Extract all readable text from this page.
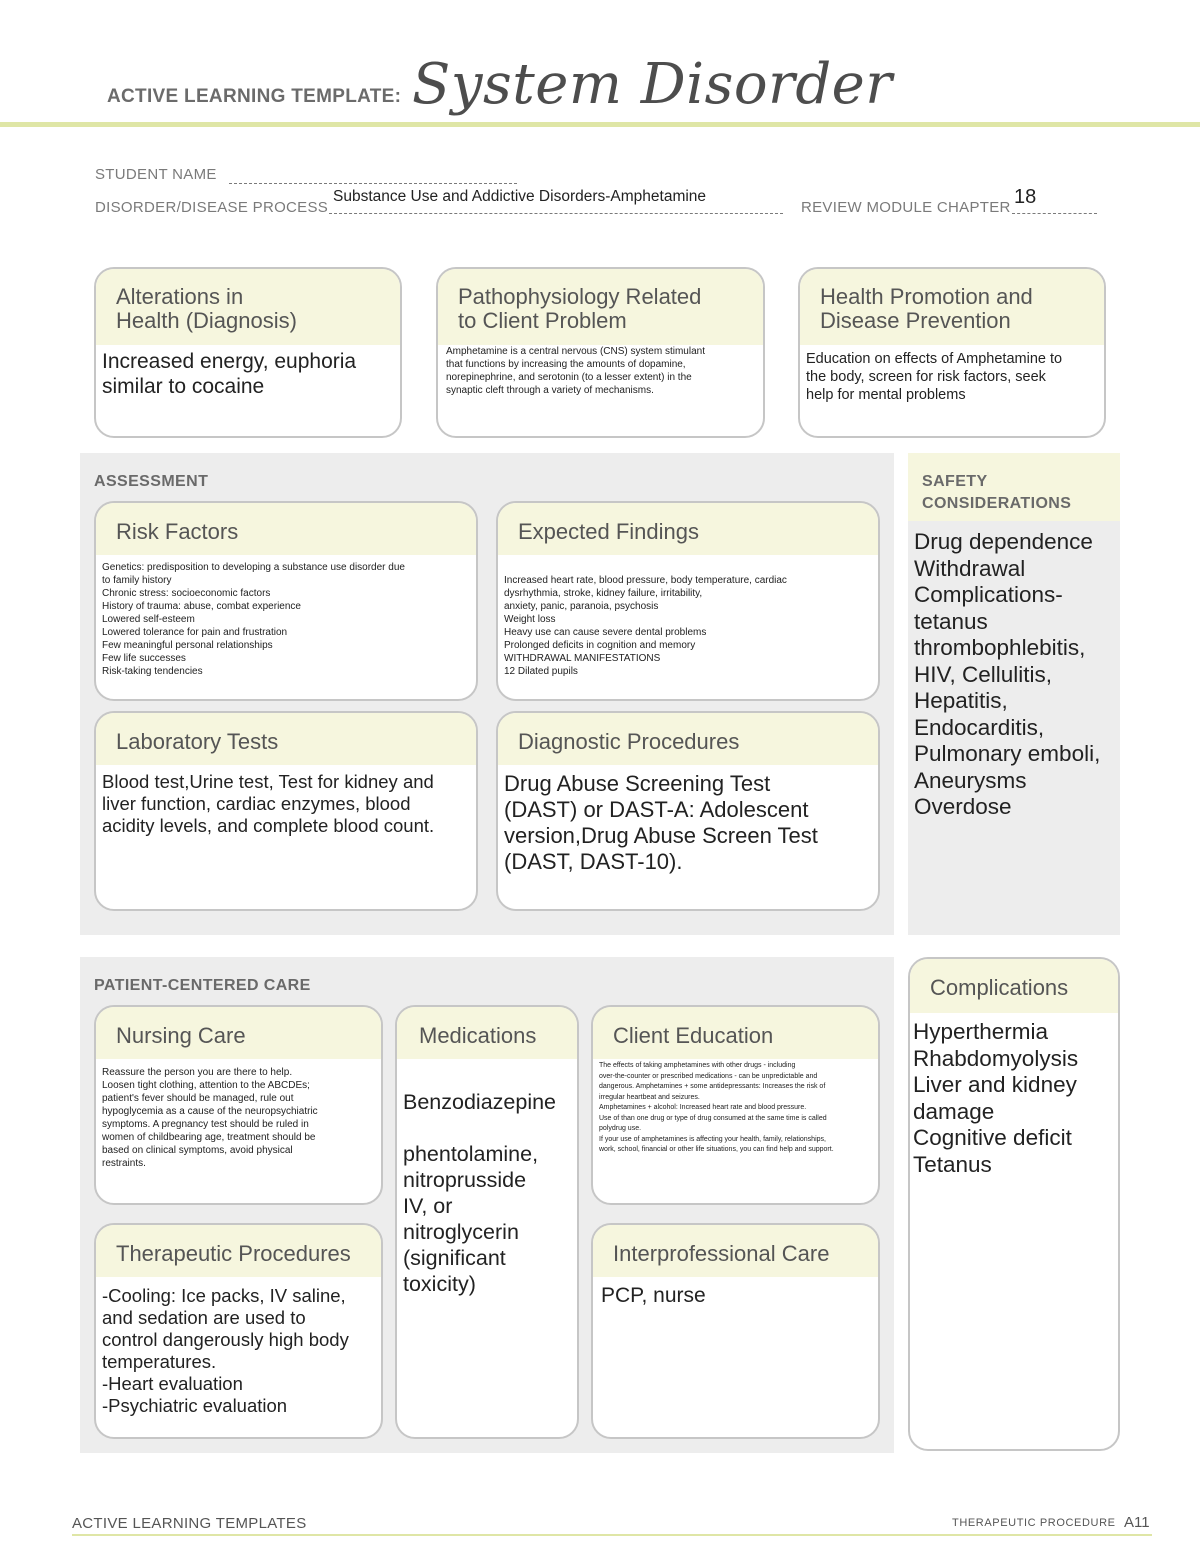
ACTIVE LEARNING TEMPLATE: System Disorder
STUDENT NAME
DISORDER/DISEASE PROCESS
Substance Use and Addictive Disorders-Amphetamine
REVIEW MODULE CHAPTER 18
Alterations in
Health (Diagnosis)
Increased energy, euphoria
similar to cocaine
Pathophysiology Related
to Client Problem
Amphetamine is a central nervous (CNS) system stimulant
that functions by increasing the amounts of dopamine,
norepinephrine, and serotonin (to a lesser extent) in the
synaptic cleft through a variety of mechanisms.
Health Promotion and
Disease Prevention
Education on effects of Amphetamine to
the body, screen for risk factors, seek
help for mental problems
ASSESSMENT
Risk Factors
Genetics: predisposition to developing a substance use disorder due
to family history
Chronic stress: socioeconomic factors
History of trauma: abuse, combat experience
Lowered self-esteem
Lowered tolerance for pain and frustration
Few meaningful personal relationships
Few life successes
Risk-taking tendencies
Expected Findings
Increased heart rate, blood pressure, body temperature, cardiac
dysrhythmia, stroke, kidney failure, irritability,
anxiety, panic, paranoia, psychosis
Weight loss
Heavy use can cause severe dental problems
Prolonged deficits in cognition and memory
WITHDRAWAL MANIFESTATIONS
12 Dilated pupils
Laboratory Tests
Blood test,Urine test, Test for kidney and
liver function, cardiac enzymes, blood
acidity levels, and complete blood count.
Diagnostic Procedures
Drug Abuse Screening Test
(DAST) or DAST-A: Adolescent
version,Drug Abuse Screen Test
(DAST, DAST-10).
SAFETY
CONSIDERATIONS
Drug dependence
Withdrawal
Complications-
tetanus
thrombophlebitis,
HIV, Cellulitis,
Hepatitis,
Endocarditis,
Pulmonary emboli,
Aneurysms
Overdose
PATIENT-CENTERED CARE
Nursing Care
Reassure the person you are there to help.
Loosen tight clothing, attention to the ABCDEs;
patient's fever should be managed, rule out
hypoglycemia as a cause of the neuropsychiatric
symptoms. A pregnancy test should be ruled in
women of childbearing age, treatment should be
based on clinical symptoms, avoid physical
restraints.
Medications
Benzodiazepine

phentolamine,
nitroprusside
IV, or
nitroglycerin
(significant
toxicity)
Client Education
The effects of taking amphetamines with other drugs - including
over-the-counter or prescribed medications - can be unpredictable and
dangerous. Amphetamines + some antidepressants: Increases the risk of
irregular heartbeat and seizures.
Amphetamines + alcohol: Increased heart rate and blood pressure.
Use of than one drug or type of drug consumed at the same time is called
polydrug use.
If your use of amphetamines is affecting your health, family, relationships,
work, school, financial or other life situations, you can find help and support.
Therapeutic Procedures
-Cooling: Ice packs, IV saline,
and sedation are used to
control dangerously high body
temperatures.
-Heart evaluation
-Psychiatric evaluation
Interprofessional Care
PCP, nurse
Complications
Hyperthermia
Rhabdomyolysis
Liver and kidney
damage
Cognitive deficit
Tetanus
ACTIVE LEARNING TEMPLATES	THERAPEUTIC PROCEDURE A11
